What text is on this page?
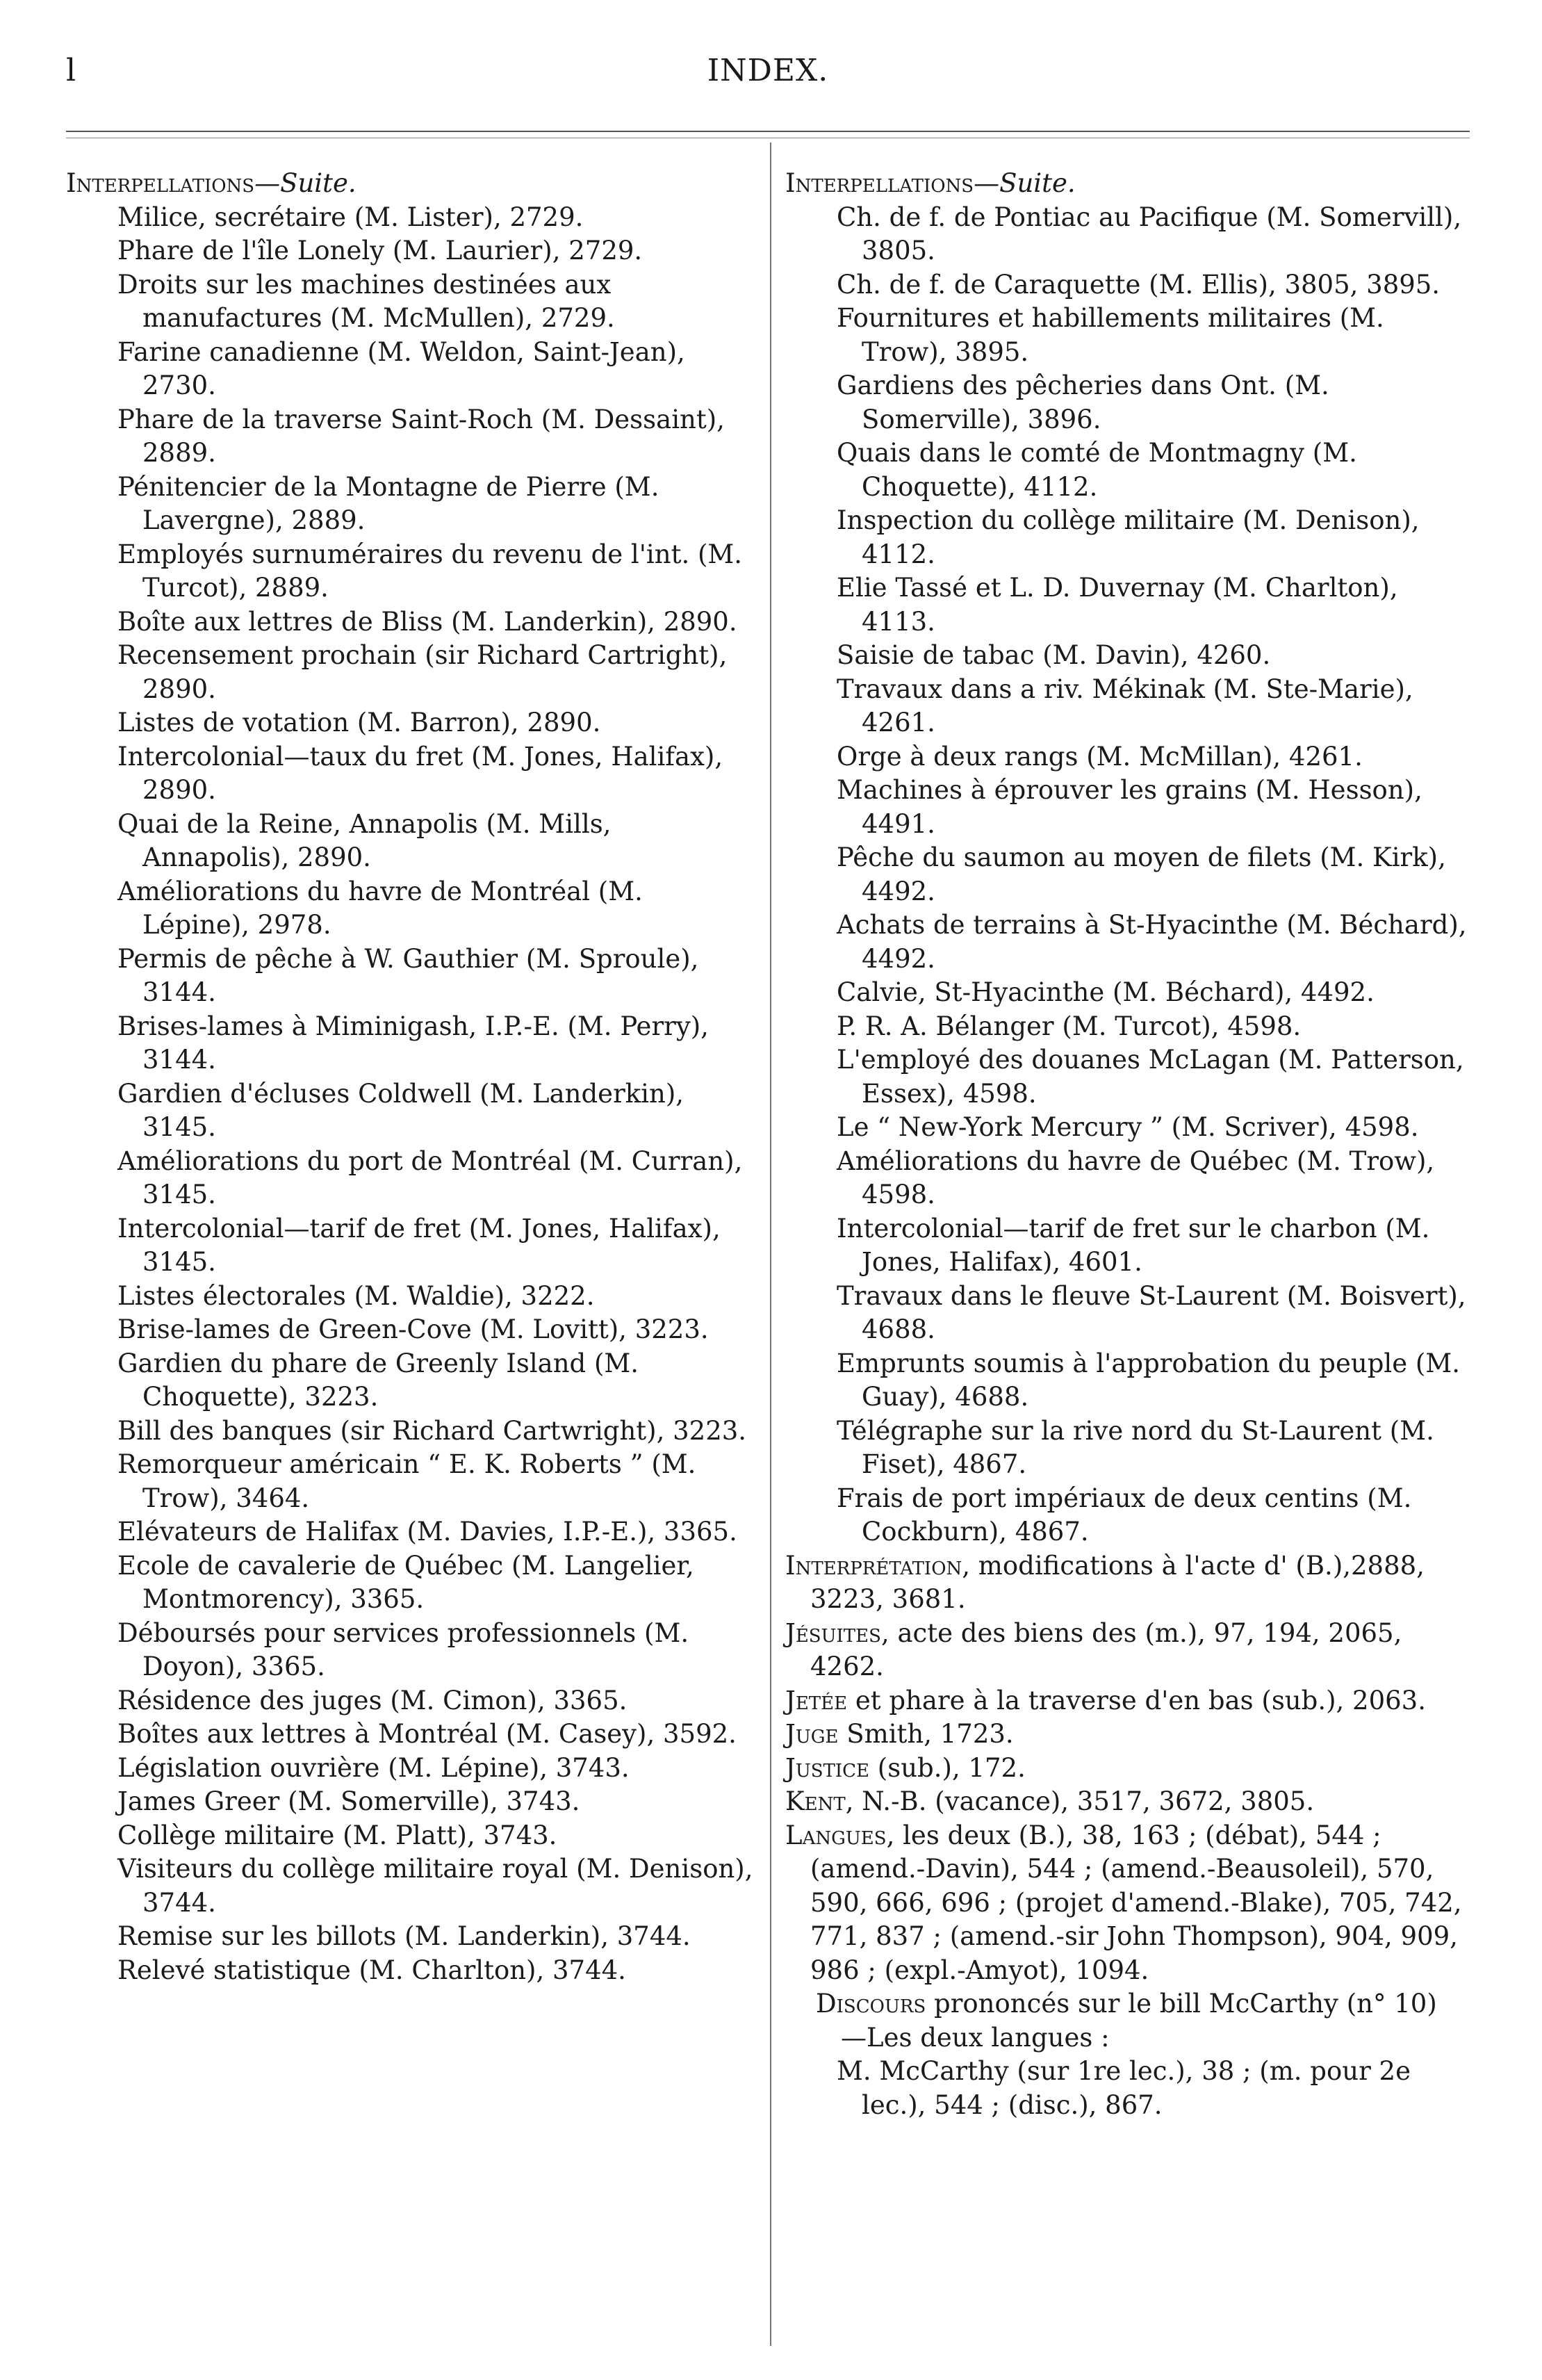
l	INDEX.

Interpellations—Suite.

Milice, secrétaire (M. Lister), 2729.

Phare de l'île Lonely (M. Laurier), 2729.

Droits sur les machines destinées aux manufactures (M. McMullen), 2729.

Farine canadienne (M. Weldon, Saint-Jean), 2730.

Phare de la traverse Saint-Roch (M. Dessaint), 2889.

Pénitencier de la Montagne de Pierre (M. Lavergne), 2889.

Employés surnuméraires du revenu de l'int. (M. Turcot), 2889.

Boîte aux lettres de Bliss (M. Landerkin), 2890.

Recensement prochain (sir Richard Cartright), 2890.

Listes de votation (M. Barron), 2890.

Intercolonial—taux du fret (M. Jones, Halifax), 2890.

Quai de la Reine, Annapolis (M. Mills, Annapolis), 2890.

Améliorations du havre de Montréal (M. Lépine), 2978.

Permis de pêche à W. Gauthier (M. Sproule), 3144.

Brises-lames à Miminigash, I.P.-E. (M. Perry), 3144.

Gardien d'écluses Coldwell (M. Landerkin), 3145.

Améliorations du port de Montréal (M. Curran), 3145.

Intercolonial—tarif de fret (M. Jones, Halifax), 3145.

Listes électorales (M. Waldie), 3222.

Brise-lames de Green-Cove (M. Lovitt), 3223.

Gardien du phare de Greenly Island (M. Choquette), 3223.

Bill des banques (sir Richard Cartwright), 3223.

Remorqueur américain “ E. K. Roberts ” (M. Trow), 3464.

Elévateurs de Halifax (M. Davies, I.P.-E.), 3365.

Ecole de cavalerie de Québec (M. Langelier, Montmorency), 3365.

Déboursés pour services professionnels (M. Doyon), 3365.

Résidence des juges (M. Cimon), 3365.

Boîtes aux lettres à Montréal (M. Casey), 3592.

Législation ouvrière (M. Lépine), 3743.

James Greer (M. Somerville), 3743.

Collège militaire (M. Platt), 3743.

Visiteurs du collège militaire royal (M. Denison), 3744.

Remise sur les billots (M. Landerkin), 3744.

Relevé statistique (M. Charlton), 3744.

Interpellations—Suite.

Ch. de f. de Pontiac au Pacifique (M. Somervill), 3805.

Ch. de f. de Caraquette (M. Ellis), 3805, 3895.

Fournitures et habillements militaires (M. Trow), 3895.

Gardiens des pêcheries dans Ont. (M. Somerville), 3896.

Quais dans le comté de Montmagny (M. Choquette), 4112.

Inspection du collège militaire (M. Denison), 4112.

Elie Tassé et L. D. Duvernay (M. Charlton), 4113.

Saisie de tabac (M. Davin), 4260.

Travaux dans a riv. Mékinak (M. Ste-Marie), 4261.

Orge à deux rangs (M. McMillan), 4261.

Machines à éprouver les grains (M. Hesson), 4491.

Pêche du saumon au moyen de filets (M. Kirk), 4492.

Achats de terrains à St-Hyacinthe (M. Béchard), 4492.

Calvie, St-Hyacinthe (M. Béchard), 4492.

P. R. A. Bélanger (M. Turcot), 4598.

L'employé des douanes McLagan (M. Patterson, Essex), 4598.

Le “ New-York Mercury ” (M. Scriver), 4598.

Améliorations du havre de Québec (M. Trow), 4598.

Intercolonial—tarif de fret sur le charbon (M. Jones, Halifax), 4601.

Travaux dans le fleuve St-Laurent (M. Boisvert), 4688.

Emprunts soumis à l'approbation du peuple (M. Guay), 4688.

Télégraphe sur la rive nord du St-Laurent (M. Fiset), 4867.

Frais de port impériaux de deux centins (M. Cockburn), 4867.

Interprétation, modifications à l'acte d' (B.),2888, 3223, 3681.

Jésuites, acte des biens des (m.), 97, 194, 2065, 4262.

Jetée et phare à la traverse d'en bas (sub.), 2063.

Juge Smith, 1723.

Justice (sub.), 172.

Kent, N.-B. (vacance), 3517, 3672, 3805.

Langues, les deux (B.), 38, 163 ; (débat), 544 ; (amend.-Davin), 544 ; (amend.-Beausoleil), 570, 590, 666, 696 ; (projet d'amend.-Blake), 705, 742, 771, 837 ; (amend.-sir John Thompson), 904, 909, 986 ; (expl.-Amyot), 1094.

Discours prononcés sur le bill McCarthy (n° 10) —Les deux langues :

M. McCarthy (sur 1re lec.), 38 ; (m. pour 2e lec.), 544 ; (disc.), 867.
